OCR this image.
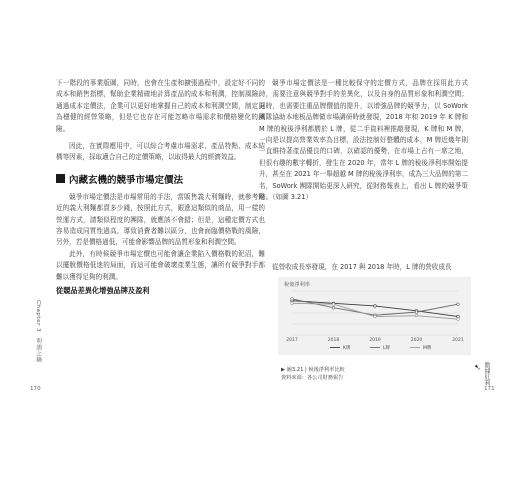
下一階段的事業版圖，同時，也會在生產和擴張過程中，設定好不同的成本和銷售指標，幫助企業精確地計算產品的成本和利潤，控制風險。通過成本定價法，企業可以更好地掌握自己的成本和利潤空間，制定更為穩健的經營策略，但是它也存在可能忽略市場需求和價格變化的風險。

因此，在實際應用中，可以綜合考慮市場需求、產品特點、成本結構等因素，採取適合自己的定價策略，以取得最大的經濟效益。

內藏玄機的競爭市場定價法

競爭市場定價法是市場常用的手法，當販售義大利麵時，就參考附近的義大利麵都賣多少錢，按照此方式，銀進這類似的商品，用一樣的營運方式，請類似程度的團隊，就應該不會錯；但是，這種定價方式也容易造成同質性過高，導致消費者難以區分，也會面臨價格戰的風險，另外，若是價格過低，可能會影響品牌的品質形象和利潤空間。

此外，有時候競爭市場定價也可能會讓企業陷入價格戰的泥沼，難以擺脫價格低迷的局面，而這可能會破壞產業生態，讓所有競爭對手都難以獲得足夠的利潤。

從競品差異化增強品牌及盈利
Chapter 3　利潤之鑰
170

競爭市場定價法是一種比較保守的定價方式，品牌在採用此方式時，需要注意與競爭對手的差異化，以及自身的品質形象和利潤空間；同時，也需要注重品牌價值的提升，以增強品牌的競爭力，以 SoWork 團隊協助本地板品牌做市場調研時就發現，2018 年和 2019 年 K 牌和 M 牌的稅後淨利都勝於 L 牌，從二手資料裡推敲發現，K 牌和 M 牌，一向是以提高營業效率為目標，設法控制好整體的成本，M 牌近幾年則一直維持著產品優良的口碑，以確認的優勢，在市場上占有一席之地，但很有趣的數字轉折，發生在 2020 年，當年 L 牌的稅後淨利率開始提升，甚至在 2021 年一舉超越 M 牌的稅後淨利率，成為三大品牌的第二名，SoWork 團隊開始更深入研究，從財務報表上，看出 L 牌的競爭策略。（如圖 3.21）

從營收成長率發現，在 2017 與 2018 年時，L 牌的營收成長
稅後淨利率
2017	2018	2019	2020	2021
K牌	L牌	M牌
▶ 圖3.21 | 稅後淨利率比較
資料來源：各公司財務報告	數據紅利
➹
171
